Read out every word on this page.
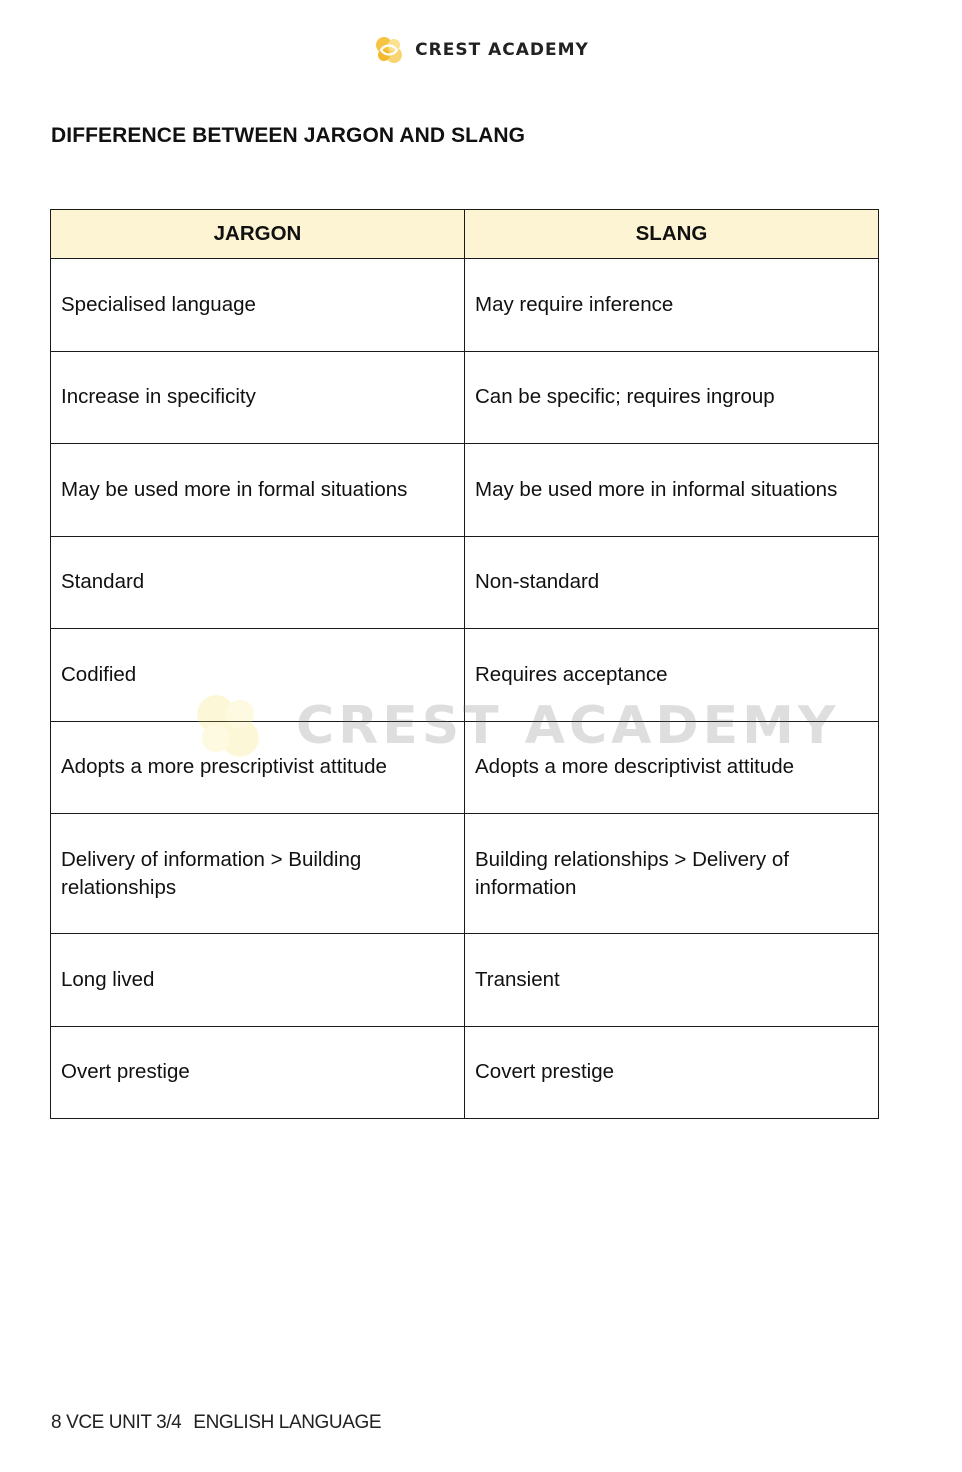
CREST ACADEMY
DIFFERENCE BETWEEN JARGON AND SLANG
JARGON	SLANG
Specialised language	May require inference
Increase in specificity	Can be specific; requires ingroup
May be used more in formal situations	May be used more in informal situations
Standard	Non-standard
Codified	Requires acceptance
Adopts a more prescriptivist attitude	Adopts a more descriptivist attitude
Delivery of information > Building relationships	Building relationships > Delivery of information
Long lived	Transient
Overt prestige	Covert prestige
CREST ACADEMY
8 VCE UNIT 3/4 ENGLISH LANGUAGE
